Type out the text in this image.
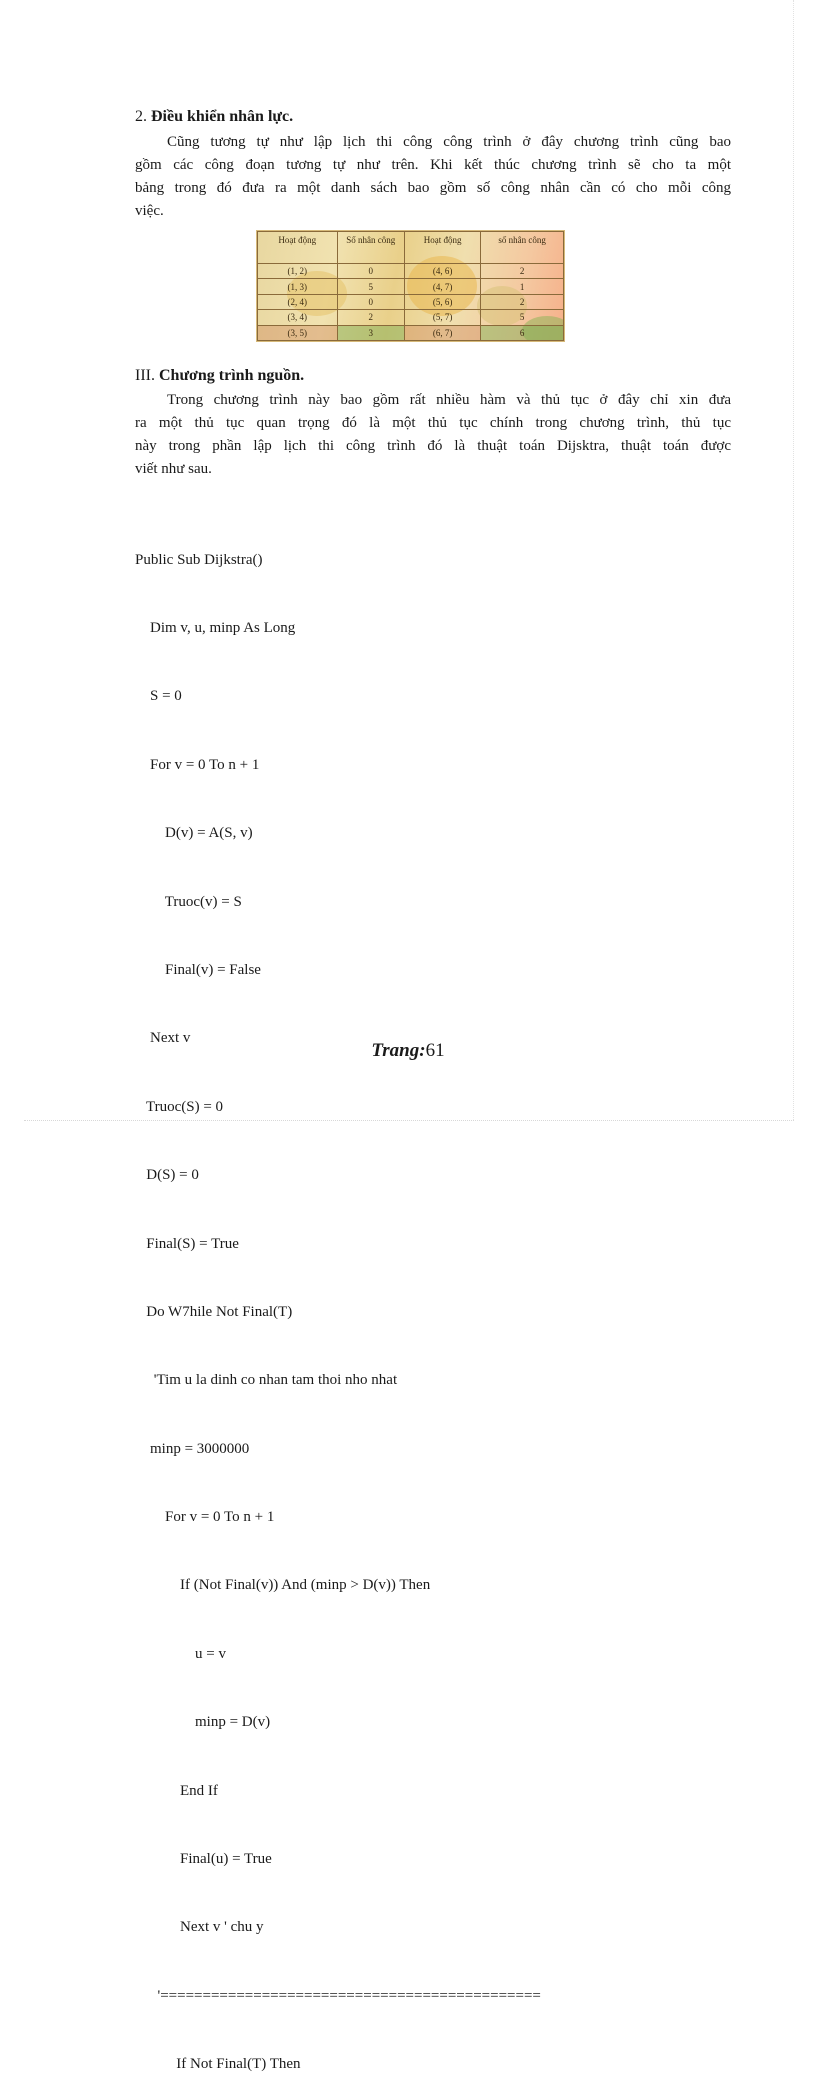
2. Điều khiển nhân lực.
Cũng tương tự như lập lịch thi công công trình ở đây chương trình cũng bao
gồm các công đoạn tương tự như trên. Khi kết thúc chương trình sẽ cho ta một
bảng trong đó đưa ra một danh sách bao gồm số công nhân cần có cho mỗi công
việc.
Hoạt động	Số nhân công	Hoạt động	số nhân công
(1, 2)	0	(4, 6)	2
(1, 3)	5	(4, 7)	1
(2, 4)	0	(5, 6)	2
(3, 4)	2	(5, 7)	5
(3, 5)	3	(6, 7)	6
III. Chương trình nguồn.
Trong chương trình này bao gồm rất nhiều hàm và thủ tục ở đây chỉ xin đưa
ra một thủ tục quan trọng đó là một thủ tục chính trong chương trình, thủ tục
này trong phần lập lịch thi công trình đó là thuật toán Dijsktra, thuật toán được
viết như sau.

Public Sub Dijkstra()

Dim v, u, minp As Long

S = 0

For v = 0 To n + 1

D(v) = A(S, v)

Truoc(v) = S

Final(v) = False

Next v

Truoc(S) = 0

D(S) = 0

Final(S) = True

Do W7hile Not Final(T)

'Tim u la dinh co nhan tam thoi nho nhat

minp = 3000000

For v = 0 To n + 1

If (Not Final(v)) And (minp > D(v)) Then

u = v

minp = D(v)

End If

Final(u) = True

Next v ' chu y

'=============================================

If Not Final(T) Then

Trang:61
